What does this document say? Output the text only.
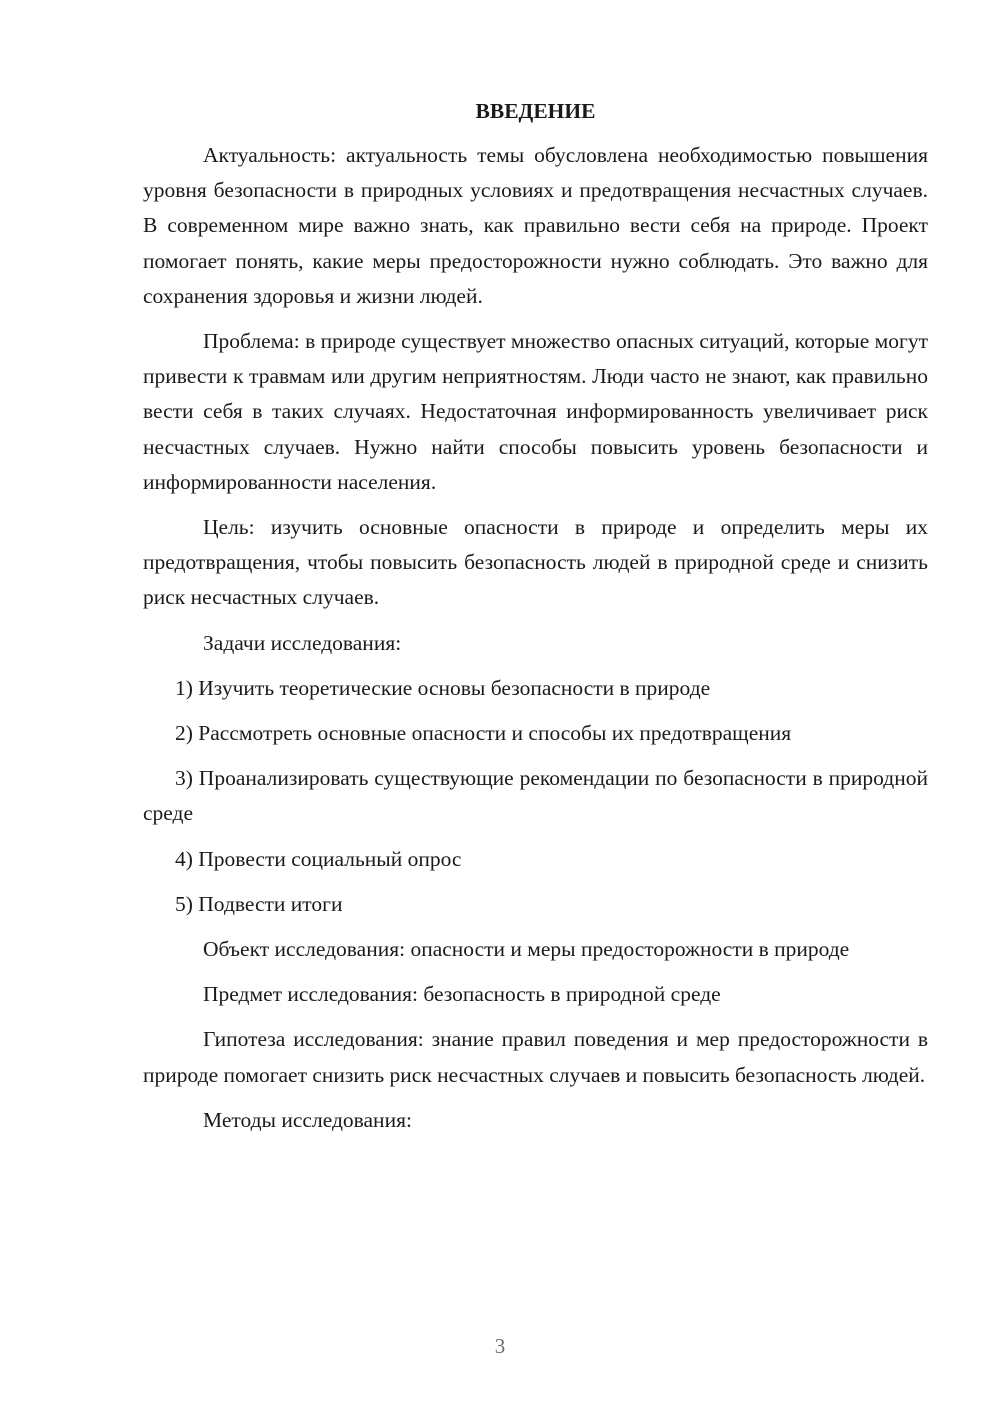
ВВЕДЕНИЕ

Актуальность: актуальность темы обусловлена необходимостью повышения уровня безопасности в природных условиях и предотвращения несчастных случаев. В современном мире важно знать, как правильно вести себя на природе. Проект помогает понять, какие меры предосторожности нужно соблюдать. Это важно для сохранения здоровья и жизни людей.

Проблема: в природе существует множество опасных ситуаций, которые могут привести к травмам или другим неприятностям. Люди часто не знают, как правильно вести себя в таких случаях. Недостаточная информированность увеличивает риск несчастных случаев. Нужно найти способы повысить уровень безопасности и информированности населения.

Цель: изучить основные опасности в природе и определить меры их предотвращения, чтобы повысить безопасность людей в природной среде и снизить риск несчастных случаев.

Задачи исследования:

1) Изучить теоретические основы безопасности в природе

2) Рассмотреть основные опасности и способы их предотвращения

3) Проанализировать существующие рекомендации по безопасности в природной среде

4) Провести социальный опрос

5) Подвести итоги

Объект исследования: опасности и меры предосторожности в природе

Предмет исследования: безопасность в природной среде

Гипотеза исследования: знание правил поведения и мер предосторожности в природе помогает снизить риск несчастных случаев и повысить безопасность людей.

Методы исследования:

3
